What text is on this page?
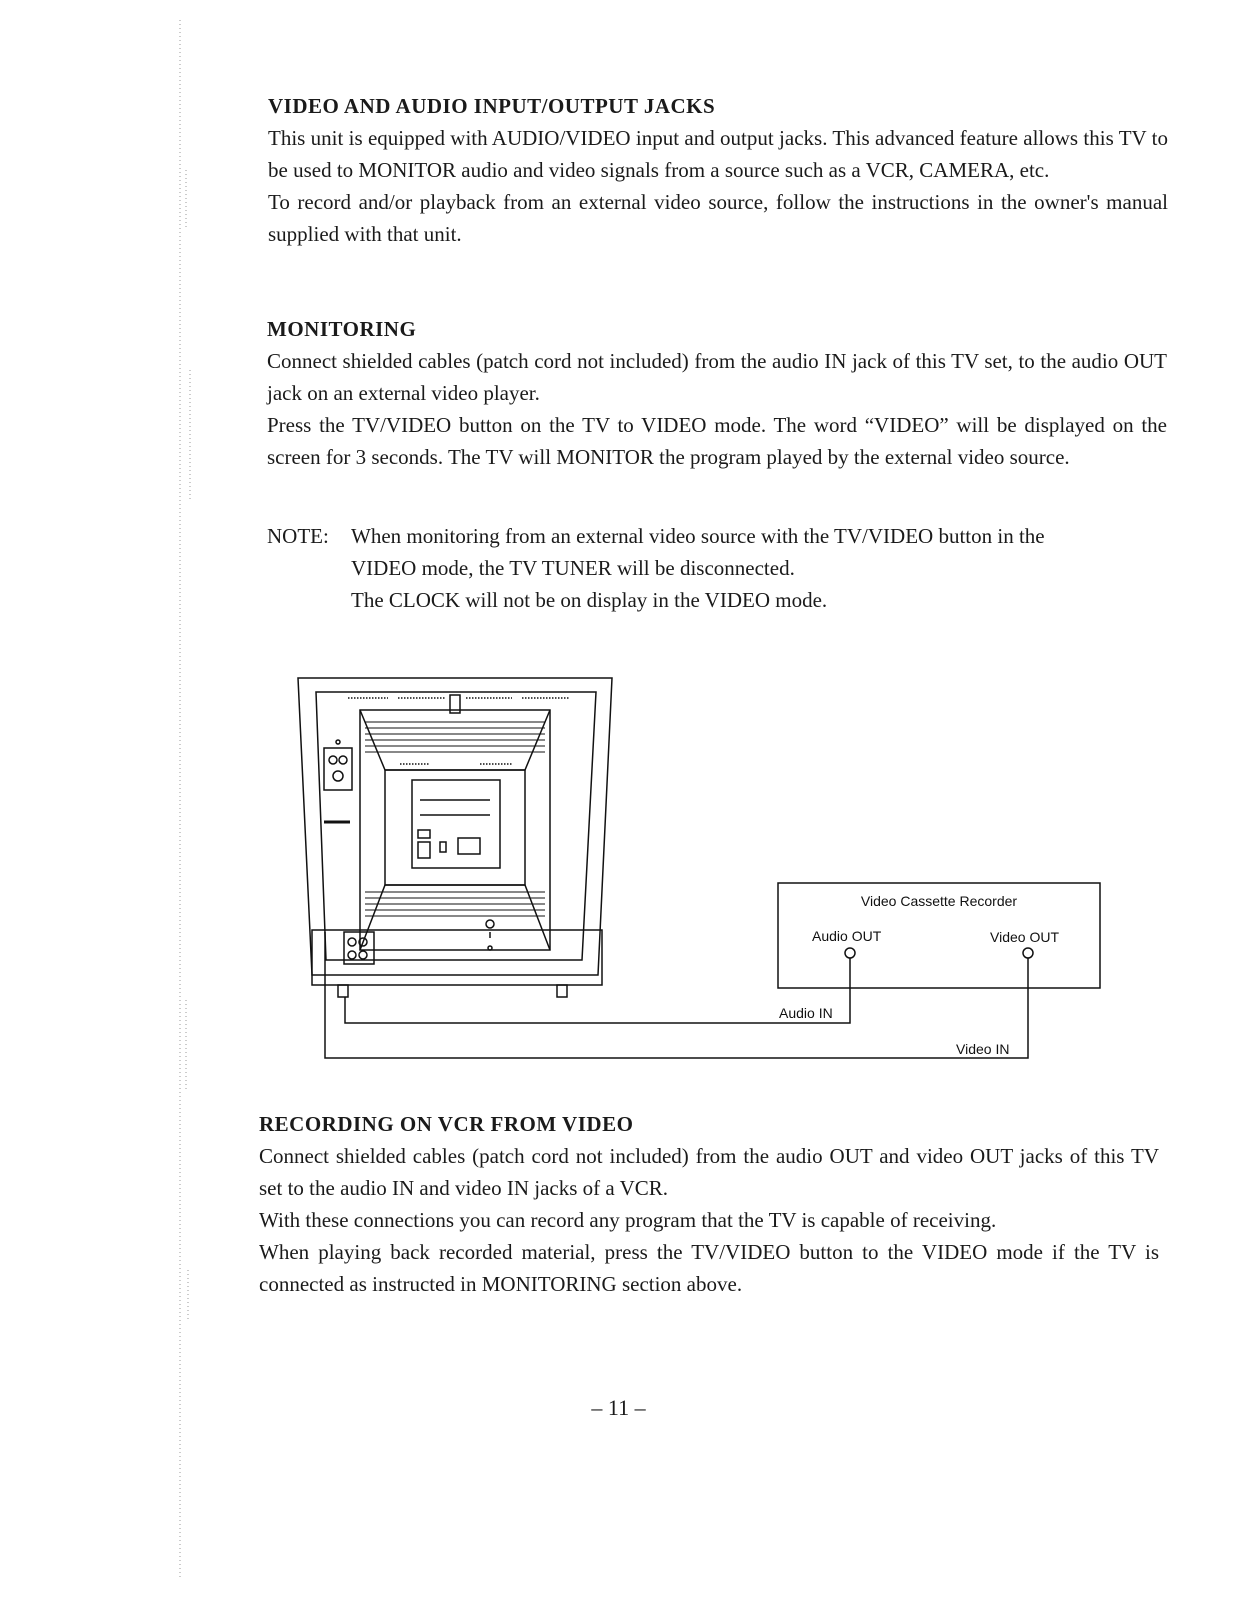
VIDEO AND AUDIO INPUT/OUTPUT JACKS

This unit is equipped with AUDIO/VIDEO input and output jacks. This advanced feature allows this TV to be used to MONITOR audio and video signals from a source such as a VCR, CAMERA, etc.

To record and/or playback from an external video source, follow the instructions in the owner's manual supplied with that unit.

MONITORING

Connect shielded cables (patch cord not included) from the audio IN jack of this TV set, to the audio OUT jack on an external video player.

Press the TV/VIDEO button on the TV to VIDEO mode. The word “VIDEO” will be displayed on the screen for 3 seconds. The TV will MONITOR the program played by the external video source.

NOTE: When monitoring from an external video source with the TV/VIDEO button in the
VIDEO mode, the TV TUNER will be disconnected.
The CLOCK will not be on display in the VIDEO mode.
Video Cassette Recorder
Audio OUT	Video OUT
Audio IN
Video IN
RECORDING ON VCR FROM VIDEO

Connect shielded cables (patch cord not included) from the audio OUT and video OUT jacks of this TV set to the audio IN and video IN jacks of a VCR.

With these connections you can record any program that the TV is capable of receiving.

When playing back recorded material, press the TV/VIDEO button to the VIDEO mode if the TV is connected as instructed in MONITORING section above.

– 11 –
